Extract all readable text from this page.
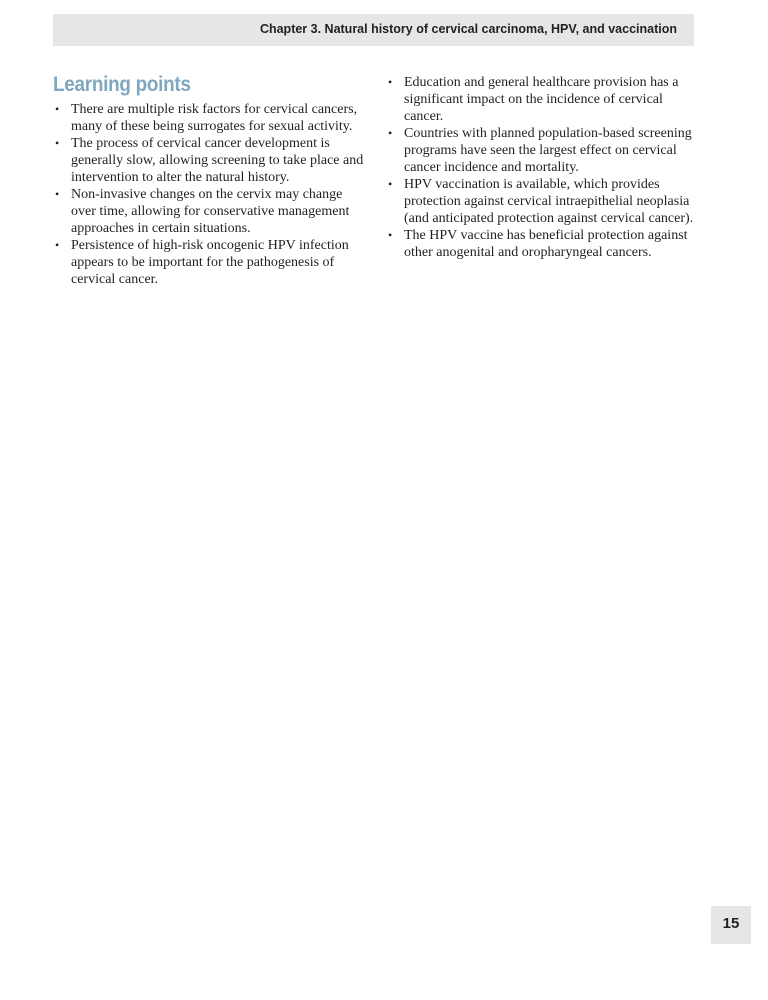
Chapter 3. Natural history of cervical carcinoma, HPV, and vaccination
Learning points
• There are multiple risk factors for cervical cancers, many of these being surrogates for sexual activity.
• The process of cervical cancer development is generally slow, allowing screening to take place and intervention to alter the natural history.
• Non-invasive changes on the cervix may change over time, allowing for conservative management approaches in certain situations.
• Persistence of high-risk oncogenic HPV infection appears to be important for the pathogenesis of cervical cancer.
• Education and general healthcare provision has a significant impact on the incidence of cervical cancer.
• Countries with planned population-based screening programs have seen the largest effect on cervical cancer incidence and mortality.
• HPV vaccination is available, which provides protection against cervical intraepithelial neoplasia (and anticipated protection against cervical cancer).
• The HPV vaccine has beneficial protection against other anogenital and oropharyngeal cancers.
15
